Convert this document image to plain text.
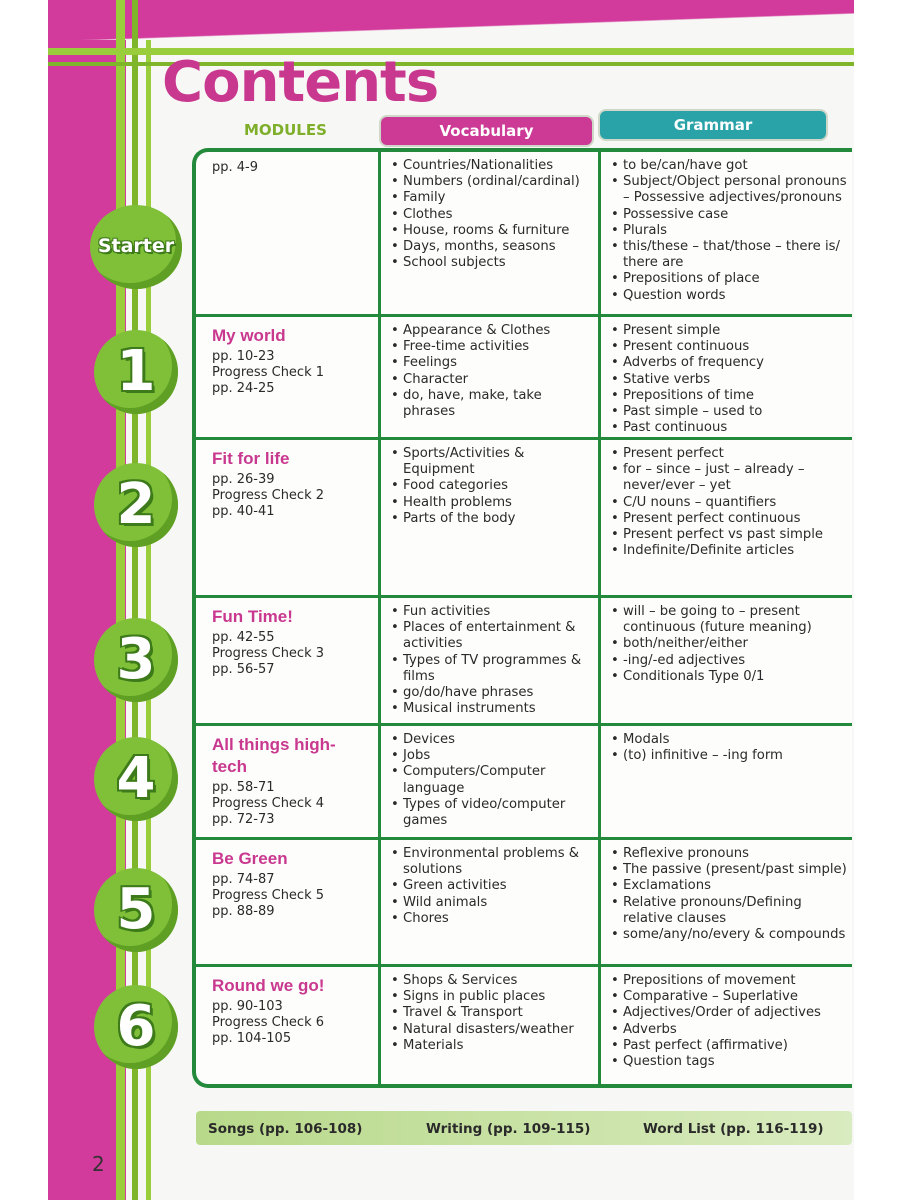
Contents
MODULES	Vocabulary	Grammar
Starter
pp. 4-9
•	Countries/Nationalities
• Numbers (ordinal/cardinal)
• Family
• Clothes
• House, rooms & furniture
• Days, months, seasons
• School subjects
• to be/can/have got
• Subject/Object personal pronouns – Possessive adjectives/pronouns
• Possessive case
• Plurals
• this/these – that/those – there is/ there are
• Prepositions of place
• Question words
My world
pp. 10-23
Progress Check 1
pp. 24-25
• Appearance & Clothes
• Free-time activities
• Feelings
• Character
• do, have, make, take phrases
• Present simple
• Present continuous
• Adverbs of frequency
• Stative verbs
• Prepositions of time
• Past simple – used to
• Past continuous
Fit for life
pp. 26-39
Progress Check 2
pp. 40-41
• Sports/Activities & Equipment
• Food categories
• Health problems
• Parts of the body
• Present perfect
• for – since – just – already – never/ever – yet
• C/U nouns – quantifiers
• Present perfect continuous
• Present perfect vs past simple
• Indefinite/Definite articles
Fun Time!
pp. 42-55
Progress Check 3
pp. 56-57
• Fun activities
• Places of entertainment & activities
• Types of TV programmes & films
• go/do/have phrases
• Musical instruments
• will – be going to – present continuous (future meaning)
• both/neither/either
• -ing/-ed adjectives
• Conditionals Type 0/1
All things high-tech
pp. 58-71
Progress Check 4
pp. 72-73
• Devices
• Jobs
• Computers/Computer language
• Types of video/computer games
• Modals
• (to) infinitive – -ing form
Be Green
pp. 74-87
Progress Check 5
pp. 88-89
• Environmental problems & solutions
• Green activities
• Wild animals
• Chores
• Reflexive pronouns
• The passive (present/past simple)
• Exclamations
• Relative pronouns/Defining relative clauses
• some/any/no/every & compounds
Round we go!
pp. 90-103
Progress Check 6
pp. 104-105
• Shops & Services
• Signs in public places
• Travel & Transport
• Natural disasters/weather
• Materials
• Prepositions of movement
• Comparative – Superlative
• Adjectives/Order of adjectives
• Adverbs
• Past perfect (affirmative)
• Question tags
1
2
3
4
5
6
Songs (pp. 106-108)	Writing (pp. 109-115)	Word List (pp. 116-119)
2
